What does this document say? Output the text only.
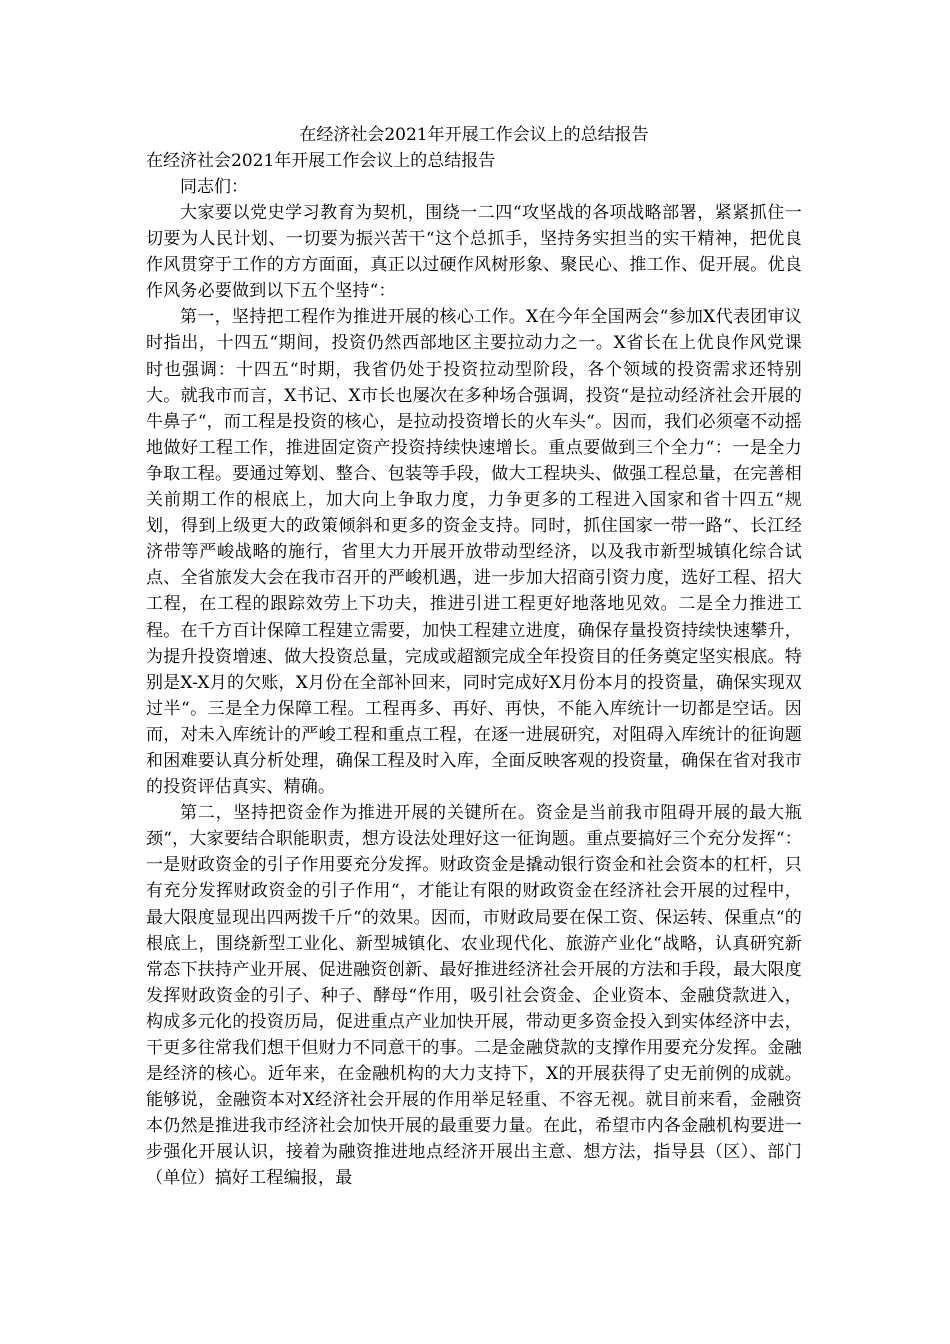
在经济社会2021年开展工作会议上的总结报告

在经济社会2021年开展工作会议上的总结报告

同志们：

大家要以党史学习教育为契机，围绕一二四“攻坚战的各项战略部署，紧紧抓住一切要为人民计划、一切要为振兴苦干“这个总抓手，坚持务实担当的实干精神，把优良作风贯穿于工作的方方面面，真正以过硬作风树形象、聚民心、推工作、促开展。优良作风务必要做到以下五个坚持“：

第一，坚持把工程作为推进开展的核心工作。X在今年全国两会“参加X代表团审议时指出，十四五“期间，投资仍然西部地区主要拉动力之一。X省长在上优良作风党课时也强调：十四五“时期，我省仍处于投资拉动型阶段，各个领域的投资需求还特别大。就我市而言，X书记、X市长也屡次在多种场合强调，投资“是拉动经济社会开展的牛鼻子“，而工程是投资的核心，是拉动投资增长的火车头“。因而，我们必须毫不动摇地做好工程工作，推进固定资产投资持续快速增长。重点要做到三个全力“：一是全力争取工程。要通过筹划、整合、包装等手段，做大工程块头、做强工程总量，在完善相关前期工作的根底上，加大向上争取力度，力争更多的工程进入国家和省十四五“规划，得到上级更大的政策倾斜和更多的资金支持。同时，抓住国家一带一路“、长江经济带等严峻战略的施行，省里大力开展开放带动型经济，以及我市新型城镇化综合试点、全省旅发大会在我市召开的严峻机遇，进一步加大招商引资力度，选好工程、招大工程，在工程的跟踪效劳上下功夫，推进引进工程更好地落地见效。二是全力推进工程。在千方百计保障工程建立需要，加快工程建立进度，确保存量投资持续快速攀升，为提升投资增速、做大投资总量，完成或超额完成全年投资目的任务奠定坚实根底。特别是X-X月的欠账，X月份在全部补回来，同时完成好X月份本月的投资量，确保实现双过半“。三是全力保障工程。工程再多、再好、再快，不能入库统计一切都是空话。因而，对未入库统计的严峻工程和重点工程，在逐一进展研究，对阻碍入库统计的征询题和困难要认真分析处理，确保工程及时入库，全面反映客观的投资量，确保在省对我市的投资评估真实、精确。

第二，坚持把资金作为推进开展的关键所在。资金是当前我市阻碍开展的最大瓶颈“，大家要结合职能职责，想方设法处理好这一征询题。重点要搞好三个充分发挥“：一是财政资金的引子作用要充分发挥。财政资金是撬动银行资金和社会资本的杠杆，只有充分发挥财政资金的引子作用“，才能让有限的财政资金在经济社会开展的过程中，最大限度显现出四两拨千斤“的效果。因而，市财政局要在保工资、保运转、保重点“的根底上，围绕新型工业化、新型城镇化、农业现代化、旅游产业化“战略，认真研究新常态下扶持产业开展、促进融资创新、最好推进经济社会开展的方法和手段，最大限度发挥财政资金的引子、种子、酵母“作用，吸引社会资金、企业资本、金融贷款进入，构成多元化的投资历局，促进重点产业加快开展，带动更多资金投入到实体经济中去，干更多往常我们想干但财力不同意干的事。二是金融贷款的支撑作用要充分发挥。金融是经济的核心。近年来，在金融机构的大力支持下，X的开展获得了史无前例的成就。能够说，金融资本对X经济社会开展的作用举足轻重、不容无视。就目前来看，金融资本仍然是推进我市经济社会加快开展的最重要力量。在此，希望市内各金融机构要进一步强化开展认识，接着为融资推进地点经济开展出主意、想方法，指导县（区）、部门（单位）搞好工程编报，最
